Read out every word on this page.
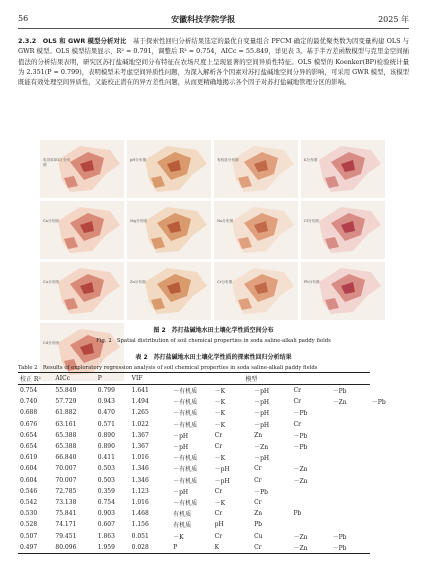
56	安徽科技学院学报	2025 年
2.3.2　OLS 和 GWR 模型分析对比　基于探索性回归分析结果选定的最优自变量组合 PFCM 确定的最优聚类数为因变量构建 OLS 与 GWR 模型。OLS 模型结果显示，R² = 0.791，调整后 R² = 0.754，AICc = 55.849，详见表 3。基于半方差函数模型与克里金空间插值法的分析结果表明，研究区苏打盐碱地空间分布特征在农场尺度上呈现显著的空间异质性特征。OLS 模型的 Koenker(BP)检验统计量为 2.351(P = 0.799)，表明模型未考虑空间异质性问题，为深入解析各个因素对苏打盐碱地空间分异的影响，可采用 GWR 模型，该模型既能有效处理空间异质性，又能校正潜在的异方差性问题，从而更精确地揭示各个因子对苏打盐碱地管理分区的影响。
电导率(EC) 分布图
pH分布图	有机质分布图	K分布图
Ca分布图	Mg分布图	Na分布图	Cl分布图
Cu分布图	Zn分布图	Cr分布图	Pb分布图
Cd分布图
图 2　苏打盐碱地水田土壤化学性质空间分布
Fig. 2　Spatial distribution of soil chemical properties in soda saline-alkali paddy fields
表 2　苏打盐碱地水田土壤化学性质的探索性回归分析结果
Table 2　Results of exploratory regression analysis of soil chemical properties in soda saline-alkali paddy fields
校正 R²	AICc	P	VIF	模型					
0.754	55.849	0.799	1.641	－有机质	－K	－pH	Cr	－Pb	
0.740	57.729	0.943	1.494	－有机质	－K	－pH	Cr	－Zn	－Pb
0.688	61.882	0.470	1.265	－有机质	－K	－pH	－Pb		
0.676	63.161	0.571	1.022	－有机质	－K	－pH	Cr		
0.654	65.388	0.890	1.367	－pH	Cr	Zn	－Pb		
0.654	65.388	0.890	1.367	－pH	Cr	－Zn	－Pb		
0.619	66.840	0.411	1.016	－有机质	－K	－pH			
0.604	70.007	0.503	1.346	－有机质	－pH	Cr	－Zn		
0.604	70.007	0.503	1.346	－有机质	－pH	Cr	－Zn		
0.546	72.785	0.359	1.123	－pH	Cr	－Pb			
0.542	73.138	0.754	1.016	－有机质	－K	Cr			
0.530	75.841	0.903	1.468	有机质	Cr	Zn	Pb		
0.528	74.171	0.607	1.156	有机质	pH	Pb			
0.507	79.451	1.863	0.051	－K	Cr	Cu	－Zn	－Pb	
0.497	80.096	1.959	0.028	P	K	Cr	－Zn	－Pb	
